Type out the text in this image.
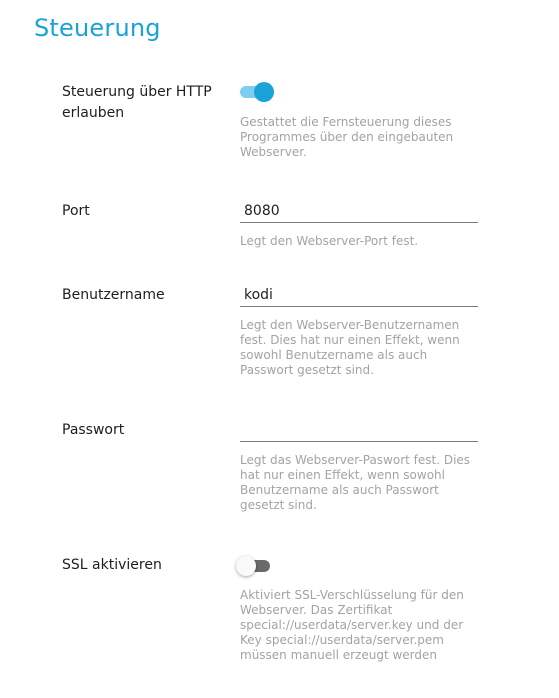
Steuerung
Steuerung über HTTP erlauben
Gestattet die Fernsteuerung dieses Programmes über den eingebauten Webserver.
Port
8080
Legt den Webserver-Port fest.
Benutzername
kodi
Legt den Webserver-Benutzernamen fest. Dies hat nur einen Effekt, wenn sowohl Benutzername als auch Passwort gesetzt sind.
Passwort
Legt das Webserver-Paswort fest. Dies hat nur einen Effekt, wenn sowohl Benutzername als auch Passwort gesetzt sind.
SSL aktivieren
Aktiviert SSL-Verschlüsselung für den Webserver. Das Zertifikat special://userdata/server.key und der Key special://userdata/server.pem müssen manuell erzeugt werden
